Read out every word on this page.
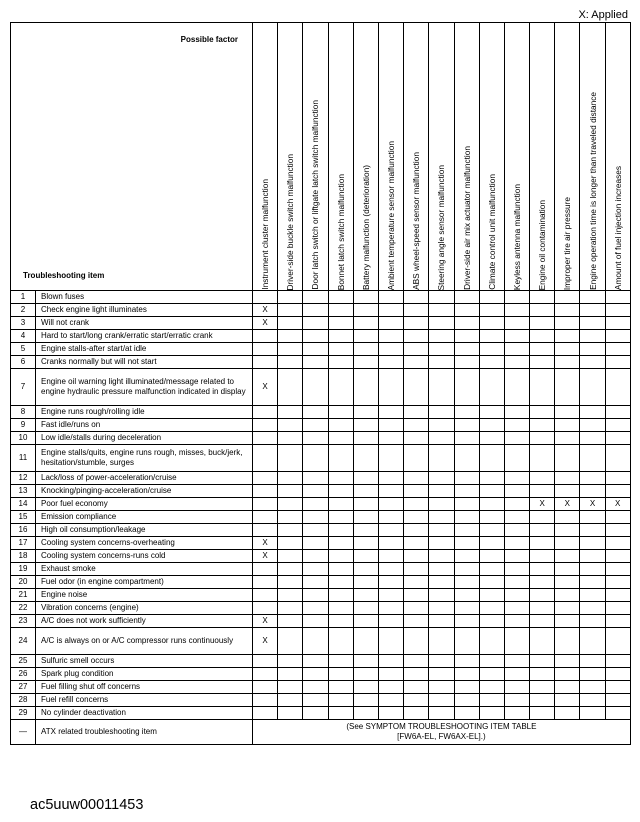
X: Applied
Possible factor
Troubleshooting item		Instrument cluster malfunction	Driver-side buckle switch malfunction	Door latch switch or liftgate latch switch malfunction	Bonnet latch switch malfunction	Battery malfunction (deterioration)	Ambient temperature sensor malfunction	ABS wheel-speed sensor malfunction	Steering angle sensor malfunction	Driver-side air mix actuator malfunction	Climate control unit malfunction	Keyless antenna malfunction	Engine oil contamination	Improper tire air pressure	Engine operation time is longer than traveled distance	Amount of fuel injection increases

1	Blown fuses															
2	Check engine light illuminates	X														
3	Will not crank	X														
4	Hard to start/long crank/erratic start/erratic crank															
5	Engine stalls-after start/at idle															
6	Cranks normally but will not start															
7	Engine oil warning light illuminated/message related to engine hydraulic pressure malfunction indicated in display	X														
8	Engine runs rough/rolling idle															
9	Fast idle/runs on															
10	Low idle/stalls during deceleration															
11	Engine stalls/quits, engine runs rough, misses, buck/jerk, hesitation/stumble, surges															
12	Lack/loss of power-acceleration/cruise															
13	Knocking/pinging-acceleration/cruise															
14	Poor fuel economy												X	X	X	X
15	Emission compliance															
16	High oil consumption/leakage															
17	Cooling system concerns-overheating	X														
18	Cooling system concerns-runs cold	X														
19	Exhaust smoke															
20	Fuel odor (in engine compartment)															
21	Engine noise															
22	Vibration concerns (engine)															
23	A/C does not work sufficiently	X														
24	A/C is always on or A/C compressor runs continuously	X														
25	Sulfuric smell occurs															
26	Spark plug condition															
27	Fuel filling shut off concerns															
28	Fuel refill concerns															
29	No cylinder deactivation															
—	ATX related troubleshooting item	(See SYMPTOM TROUBLESHOOTING ITEM TABLE
[FW6A-EL, FW6AX-EL].)														
ac5uuw00011453
